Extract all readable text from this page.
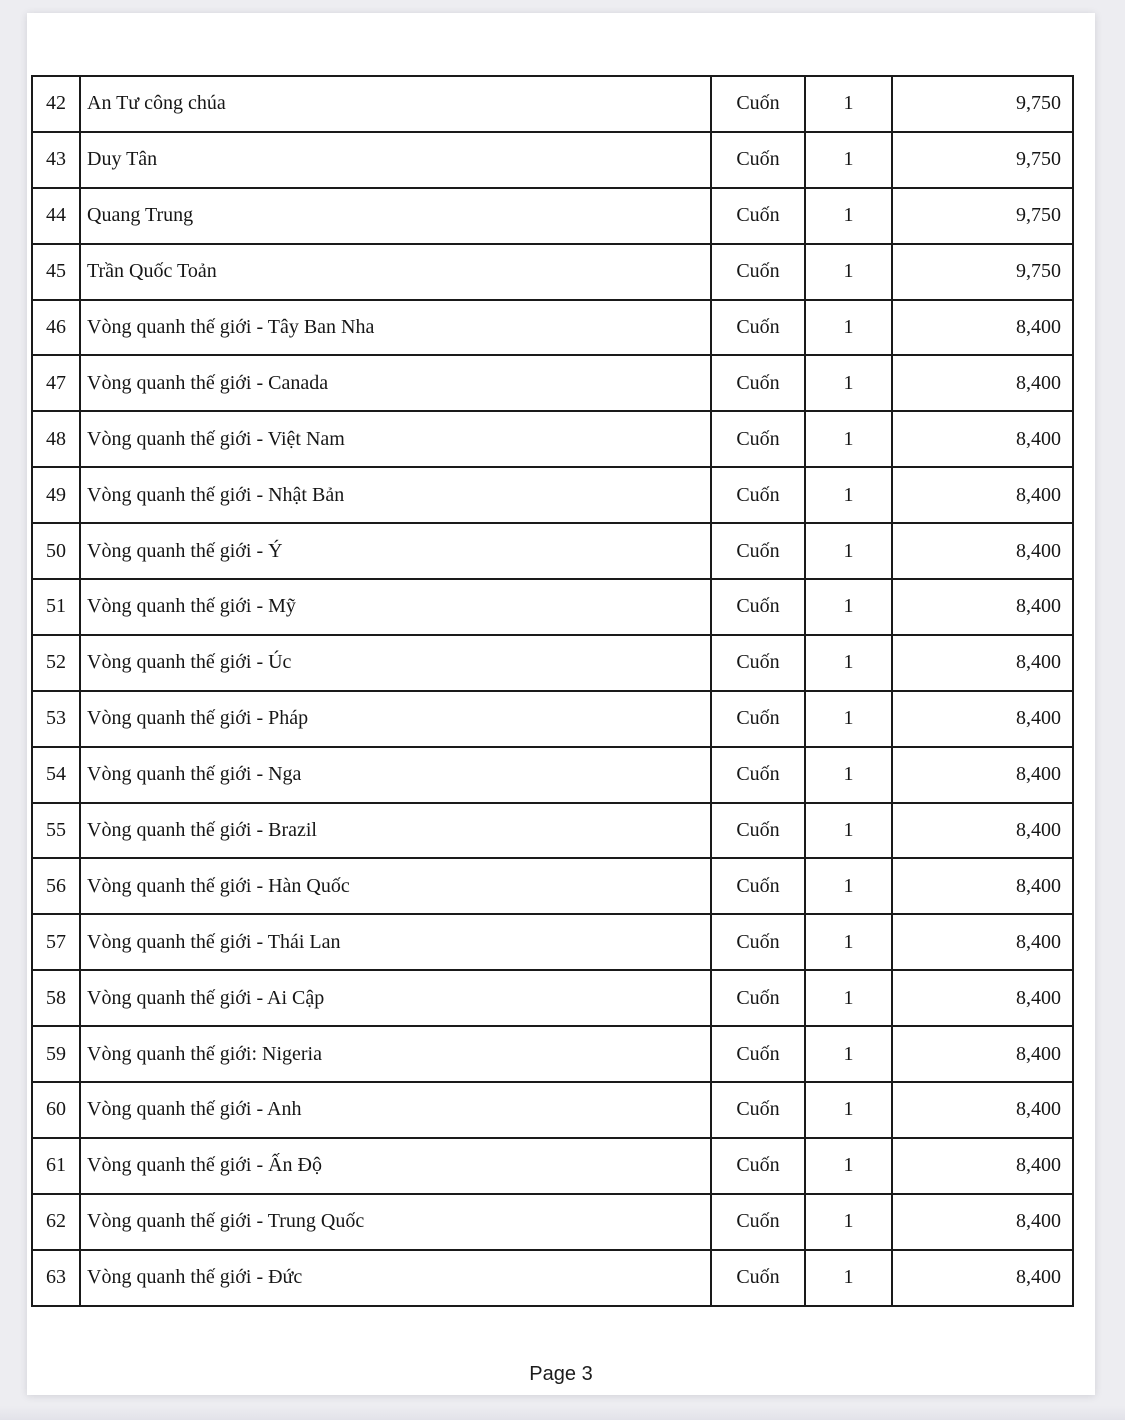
42	An Tư công chúa	Cuốn	1	9,750
43	Duy Tân	Cuốn	1	9,750
44	Quang Trung	Cuốn	1	9,750
45	Trần Quốc Toản	Cuốn	1	9,750
46	Vòng quanh thế giới - Tây Ban Nha	Cuốn	1	8,400
47	Vòng quanh thế giới - Canada	Cuốn	1	8,400
48	Vòng quanh thế giới - Việt Nam	Cuốn	1	8,400
49	Vòng quanh thế giới - Nhật Bản	Cuốn	1	8,400
50	Vòng quanh thế giới - Ý	Cuốn	1	8,400
51	Vòng quanh thế giới - Mỹ	Cuốn	1	8,400
52	Vòng quanh thế giới - Úc	Cuốn	1	8,400
53	Vòng quanh thế giới - Pháp	Cuốn	1	8,400
54	Vòng quanh thế giới - Nga	Cuốn	1	8,400
55	Vòng quanh thế giới - Brazil	Cuốn	1	8,400
56	Vòng quanh thế giới - Hàn Quốc	Cuốn	1	8,400
57	Vòng quanh thế giới - Thái Lan	Cuốn	1	8,400
58	Vòng quanh thế giới - Ai Cập	Cuốn	1	8,400
59	Vòng quanh thế giới: Nigeria	Cuốn	1	8,400
60	Vòng quanh thế giới - Anh	Cuốn	1	8,400
61	Vòng quanh thế giới - Ấn Độ	Cuốn	1	8,400
62	Vòng quanh thế giới - Trung Quốc	Cuốn	1	8,400
63	Vòng quanh thế giới - Đức	Cuốn	1	8,400
Page 3
